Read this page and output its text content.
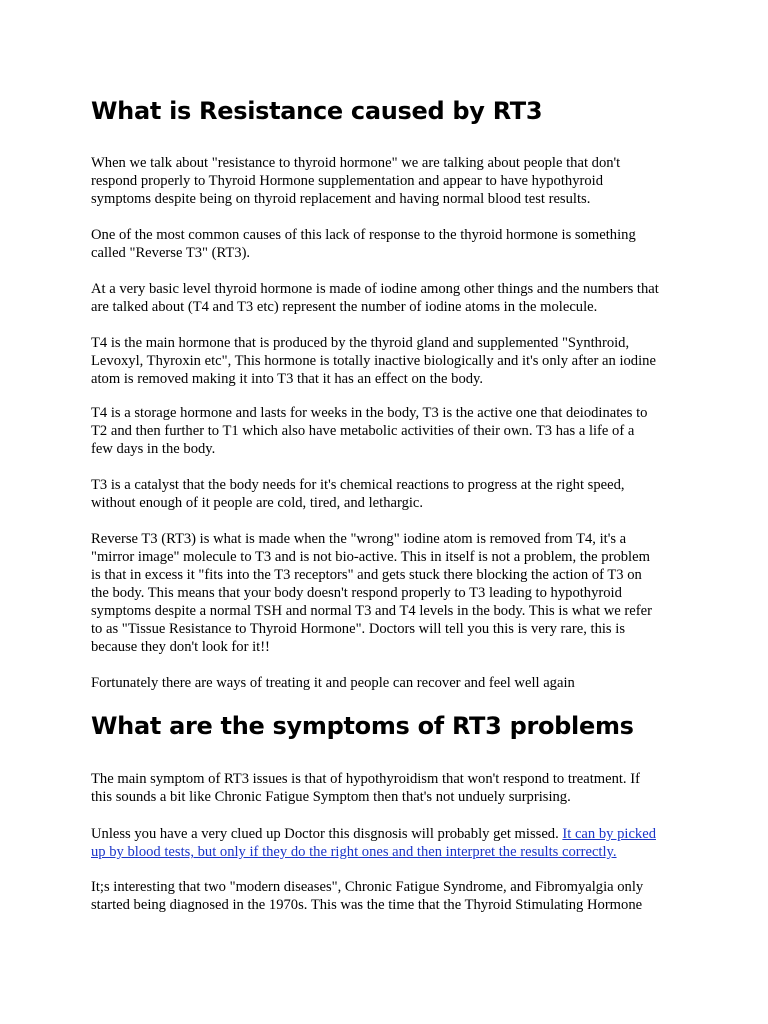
What is Resistance caused by RT3

When we talk about "resistance to thyroid hormone" we are talking about people that don't
respond properly to Thyroid Hormone supplementation and appear to have hypothyroid
symptoms despite being on thyroid replacement and having normal blood test results.

One of the most common causes of this lack of response to the thyroid hormone is something
called "Reverse T3" (RT3).

At a very basic level thyroid hormone is made of iodine among other things and the numbers that
are talked about (T4 and T3 etc) represent the number of iodine atoms in the molecule.

T4 is the main hormone that is produced by the thyroid gland and supplemented "Synthroid,
Levoxyl, Thyroxin etc", This hormone is totally inactive biologically and it's only after an iodine
atom is removed making it into T3 that it has an effect on the body.

T4 is a storage hormone and lasts for weeks in the body, T3 is the active one that deiodinates to
T2 and then further to T1 which also have metabolic activities of their own. T3 has a life of a
few days in the body.

T3 is a catalyst that the body needs for it's chemical reactions to progress at the right speed,
without enough of it people are cold, tired, and lethargic.

Reverse T3 (RT3) is what is made when the "wrong" iodine atom is removed from T4, it's a
"mirror image" molecule to T3 and is not bio-active. This in itself is not a problem, the problem
is that in excess it "fits into the T3 receptors" and gets stuck there blocking the action of T3 on
the body. This means that your body doesn't respond properly to T3 leading to hypothyroid
symptoms despite a normal TSH and normal T3 and T4 levels in the body. This is what we refer
to as "Tissue Resistance to Thyroid Hormone". Doctors will tell you this is very rare, this is
because they don't look for it!!

Fortunately there are ways of treating it and people can recover and feel well again

What are the symptoms of RT3 problems

The main symptom of RT3 issues is that of hypothyroidism that won't respond to treatment. If
this sounds a bit like Chronic Fatigue Symptom then that's not unduely surprising.

Unless you have a very clued up Doctor this disgnosis will probably get missed. It can by picked
up by blood tests, but only if they do the right ones and then interpret the results correctly.

It;s interesting that two "modern diseases", Chronic Fatigue Syndrome, and Fibromyalgia only
started being diagnosed in the 1970s. This was the time that the Thyroid Stimulating Hormone
